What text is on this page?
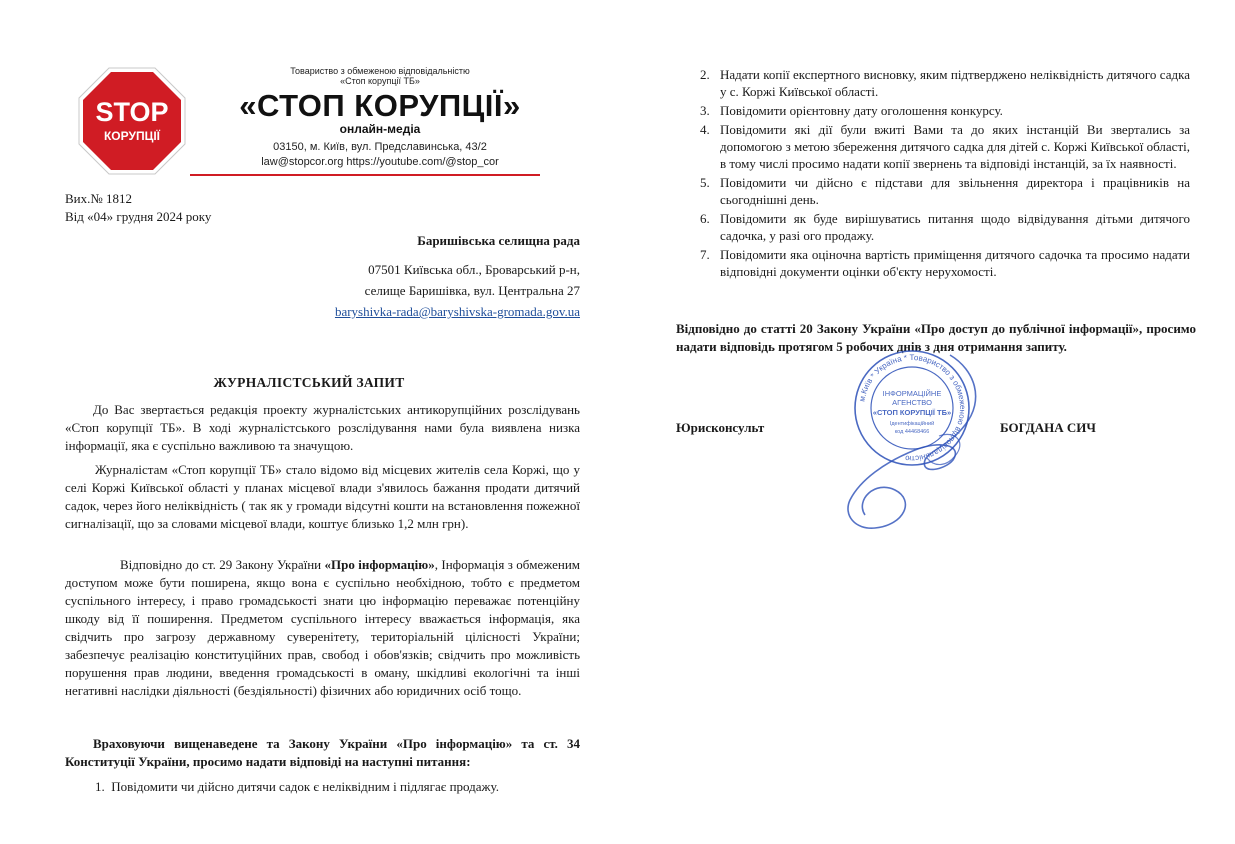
STOP
КОРУПЦІЇ
Товариство з обмеженою відповідальністю
«Стоп корупції ТБ»
«СТОП КОРУПЦІЇ»
онлайн-медіа
03150, м. Київ, вул. Предславинська, 43/2
law@stopcor.org https://youtube.com/@stop_cor
Вих.№ 1812
Від «04» грудня 2024 року
Баришівська селищна рада
07501 Київська обл., Броварський р-н,
селище Баришівка, вул. Центральна 27
baryshivka-rada@baryshivska-gromada.gov.ua
ЖУРНАЛІСТСЬКИЙ ЗАПИТ
До Вас звертається редакція проекту журналістських антикорупційних розслідувань «Стоп корупції ТБ». В ході журналістського розслідування нами була виявлена низка інформації, яка є суспільно важливою та значущою.
Журналістам «Стоп корупції ТБ» стало відомо від місцевих жителів села Коржі, що у селі Коржі Київської області у планах місцевої влади з'явилось бажання продати дитячий садок, через його неліквідність ( так як у громади відсутні кошти на встановлення пожежної сигналізації, що за словами місцевої влади, коштує близько 1,2 млн грн).
Відповідно до ст. 29 Закону України «Про інформацію», Інформація з обмеженим доступом може бути поширена, якщо вона є суспільно необхідною, тобто є предметом суспільного інтересу, і право громадськості знати цю інформацію переважає потенційну шкоду від її поширення. Предметом суспільного інтересу вважається інформація, яка свідчить про загрозу державному суверенітету, територіальній цілісності України; забезпечує реалізацію конституційних прав, свобод і обов'язків; свідчить про можливість порушення прав людини, введення громадськості в оману, шкідливі екологічні та інші негативні наслідки діяльності (бездіяльності) фізичних або юридичних осіб тощо.
Враховуючи вищенаведене та Закону України «Про інформацію» та ст. 34 Конституції України, просимо надати відповіді на наступні питання:
1. Повідомити чи дійсно дитячи садок є неліквідним і підлягає продажу.
2. Надати копії експертного висновку, яким підтверджено неліквідність дитячого садка у с. Коржі Київської області.
3. Повідомити орієнтовну дату оголошення конкурсу.
4. Повідомити які дії були вжиті Вами та до яких інстанцій Ви звертались за допомогою з метою збереження дитячого садка для дітей с. Коржі Київської області, в тому числі просимо надати копії звернень та відповіді інстанцій, за їх наявності.
5. Повідомити чи дійсно є підстави для звільнення директора і працівників на сьогоднішні день.
6. Повідомити як буде вирішуватись питання щодо відвідування дітьми дитячого садочка, у разі ого продажу.
7. Повідомити яка оціночна вартість приміщення дитячого садочка та просимо надати відповідні документи оцінки об'єкту нерухомості.
Відповідно до статті 20 Закону України «Про доступ до публічної інформації», просимо надати відповідь протягом 5 робочих днів з дня отримання запиту.
м.Київ * Україна * Товариство з обмеженою відповідальністю
ІНФОРМАЦІЙНЕ
АГЕНСТВО
«СТОП КОРУПЦІЇ ТБ»
Ідентифікаційний
код 44468466
Юрисконсульт	БОГДАНА СИЧ
